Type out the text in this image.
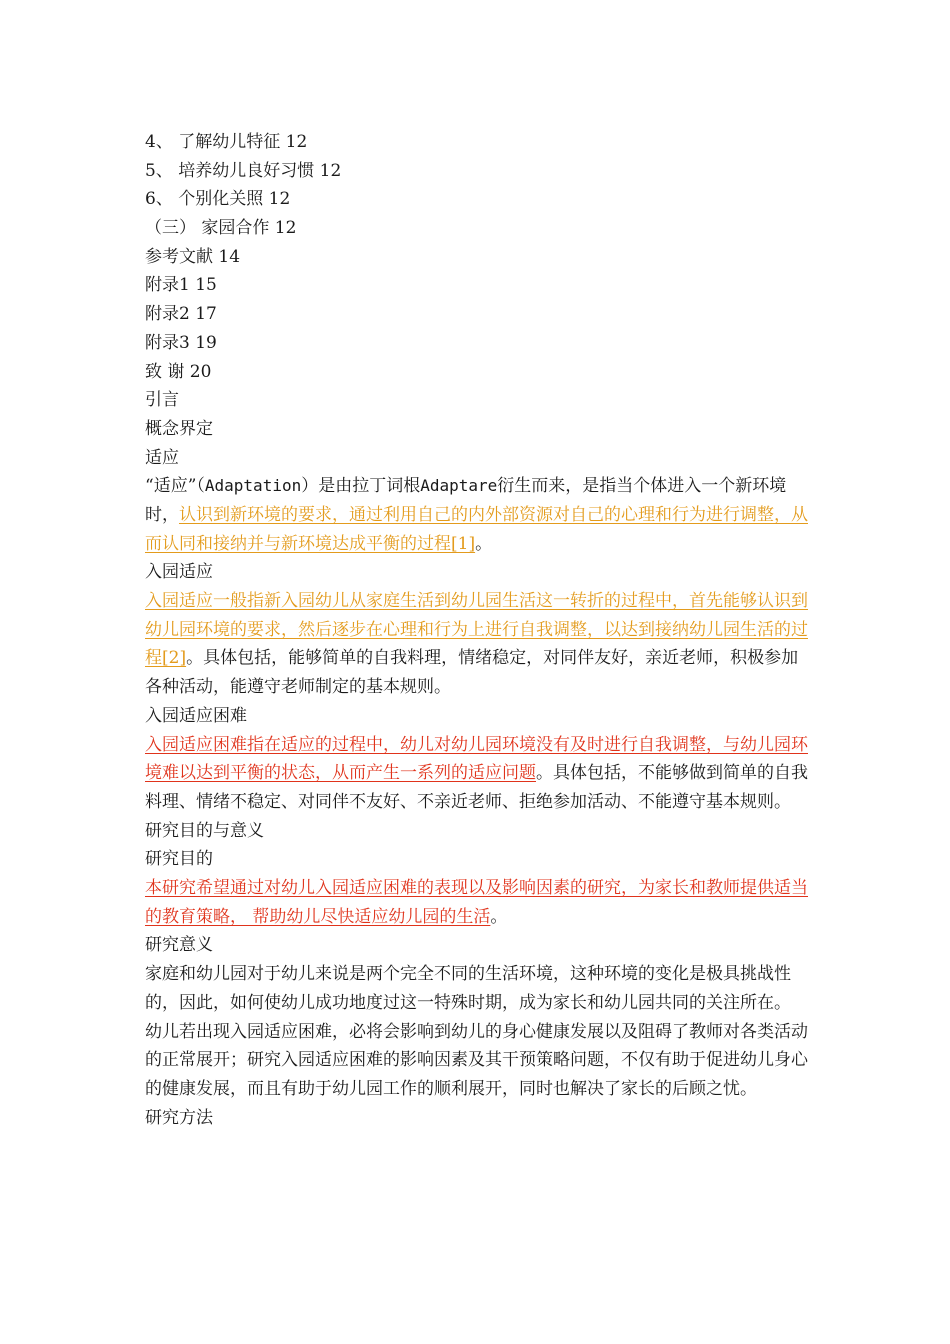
4、 了解幼儿特征 12
5、 培养幼儿良好习惯 12
6、 个别化关照 12
（三） 家园合作 12
参考文献 14
附录1 15
附录2 17
附录3 19
致 谢 20
引言
概念界定
适应
“适应”（Adaptation）是由拉丁词根Adaptare衍生而来，是指当个体进入一个新环境时，认识到新环境的要求，通过利用自己的内外部资源对自己的心理和行为进行调整，从而认同和接纳并与新环境达成平衡的过程[1]。
入园适应
入园适应一般指新入园幼儿从家庭生活到幼儿园生活这一转折的过程中，首先能够认识到幼儿园环境的要求，然后逐步在心理和行为上进行自我调整，以达到接纳幼儿园生活的过程[2]。具体包括，能够简单的自我料理，情绪稳定，对同伴友好，亲近老师，积极参加各种活动，能遵守老师制定的基本规则。
入园适应困难
入园适应困难指在适应的过程中，幼儿对幼儿园环境没有及时进行自我调整，与幼儿园环境难以达到平衡的状态，从而产生一系列的适应问题。具体包括，不能够做到简单的自我料理、情绪不稳定、对同伴不友好、不亲近老师、拒绝参加活动、不能遵守基本规则。
研究目的与意义
研究目的
本研究希望通过对幼儿入园适应困难的表现以及影响因素的研究，为家长和教师提供适当的教育策略， 帮助幼儿尽快适应幼儿园的生活。
研究意义
家庭和幼儿园对于幼儿来说是两个完全不同的生活环境，这种环境的变化是极具挑战性的，因此，如何使幼儿成功地度过这一特殊时期，成为家长和幼儿园共同的关注所在。
幼儿若出现入园适应困难，必将会影响到幼儿的身心健康发展以及阻碍了教师对各类活动的正常展开；研究入园适应困难的影响因素及其干预策略问题，不仅有助于促进幼儿身心的健康发展，而且有助于幼儿园工作的顺利展开，同时也解决了家长的后顾之忧。
研究方法
